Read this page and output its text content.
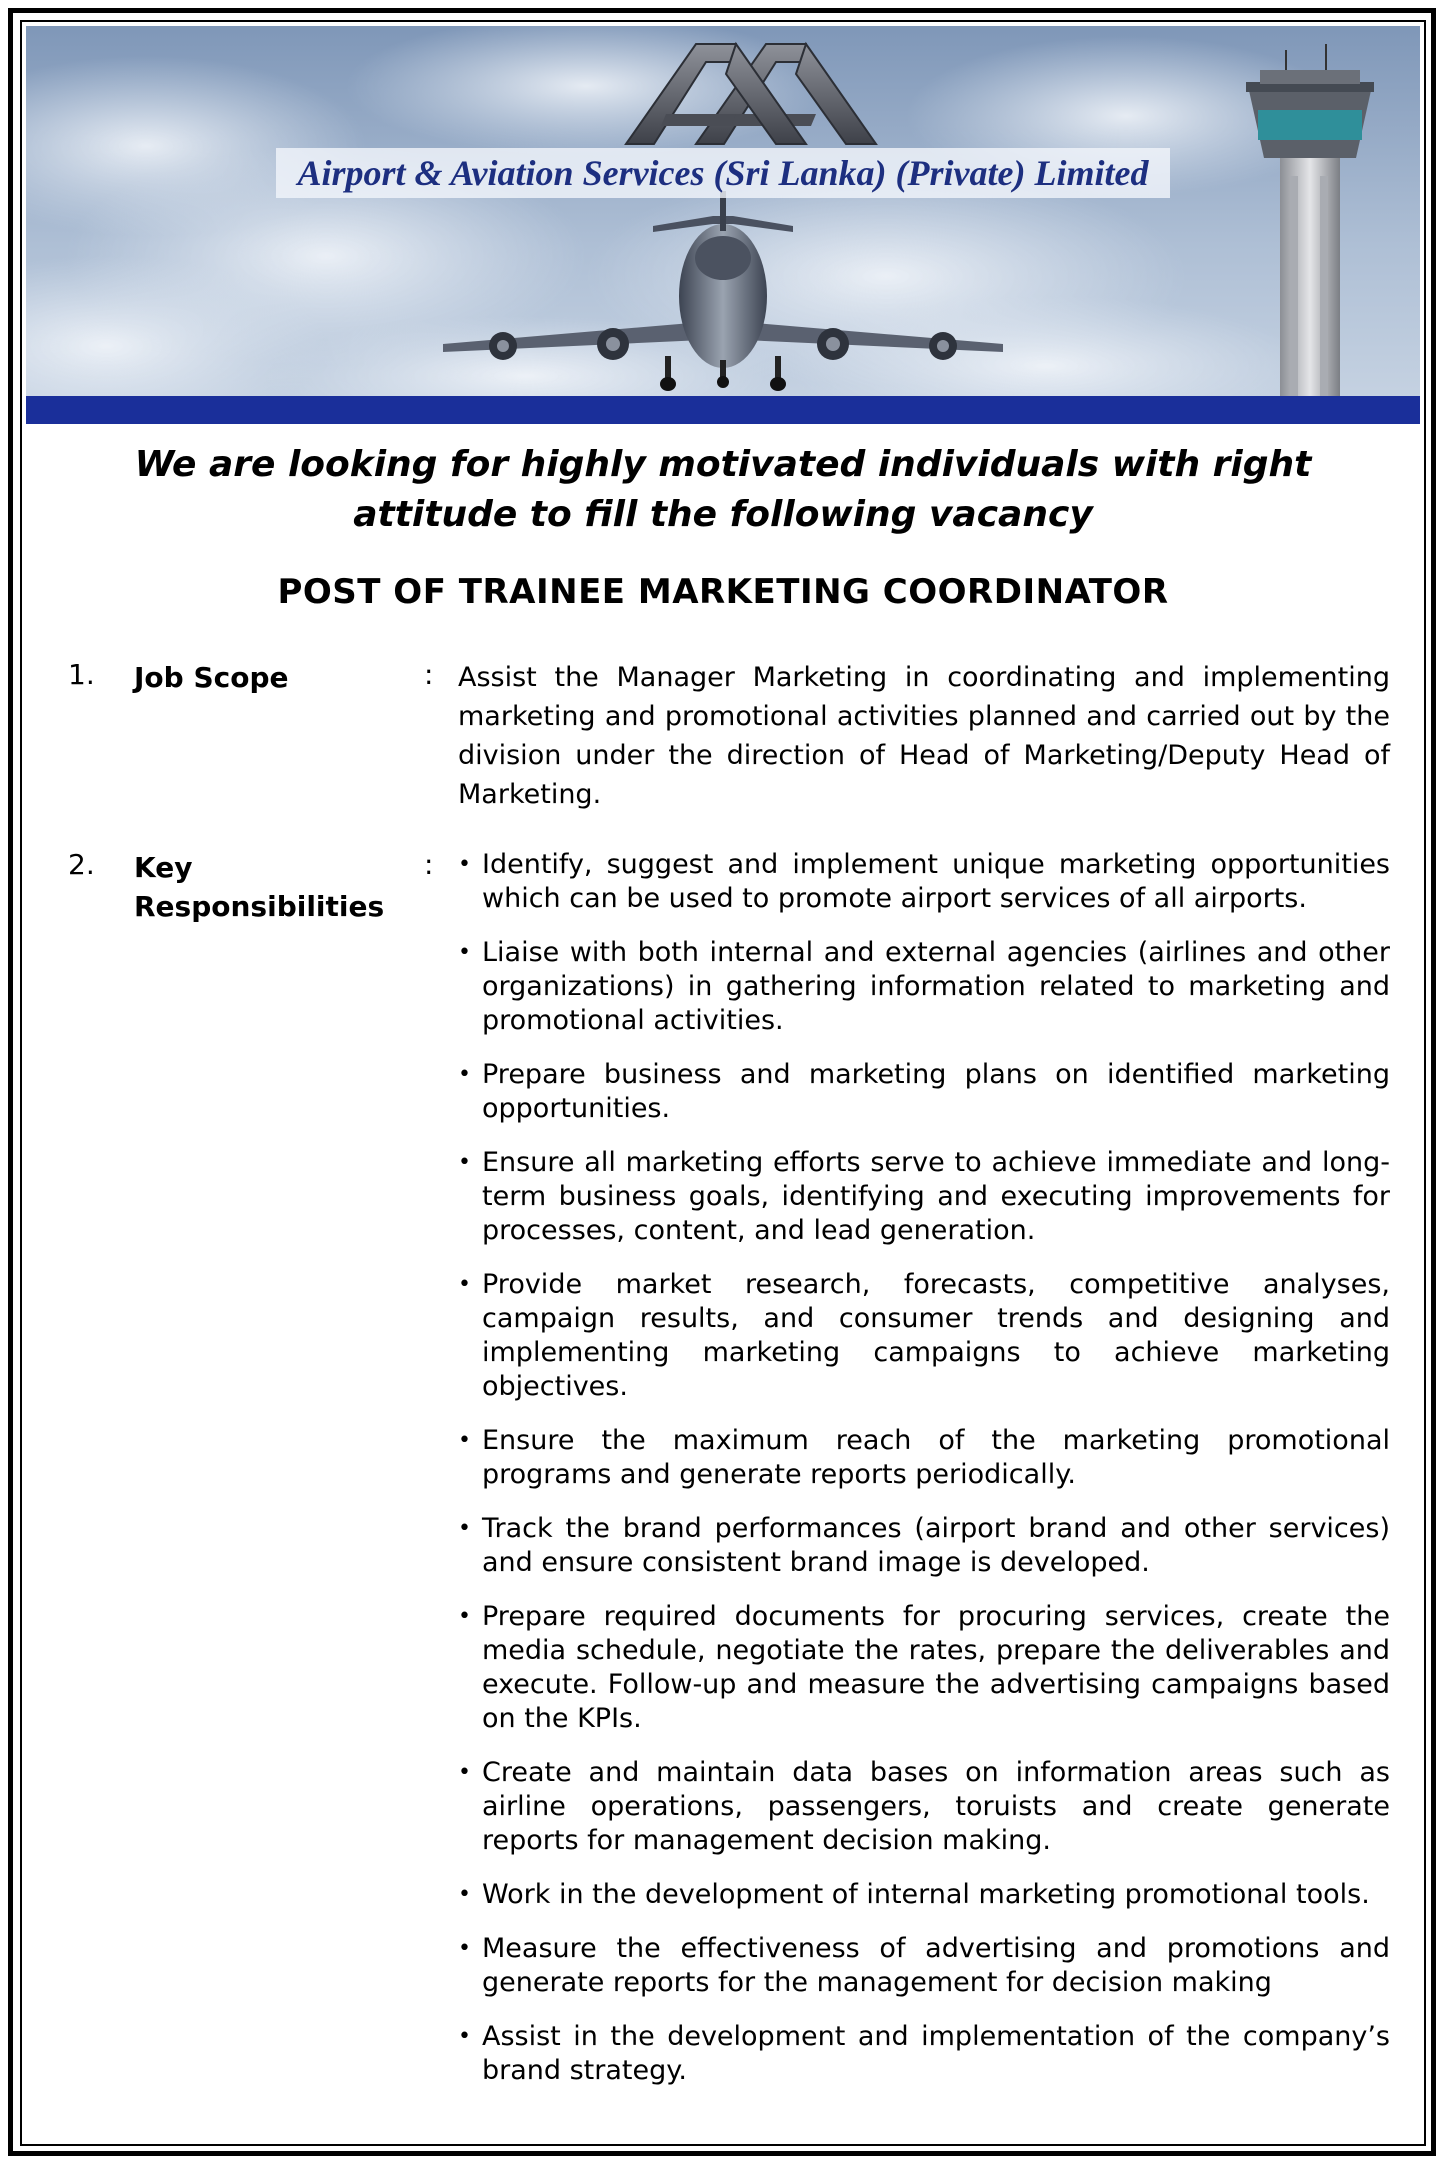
Airport & Aviation Services (Sri Lanka) (Private) Limited
We are looking for highly motivated individuals with right
attitude to fill the following vacancy
POST OF TRAINEE MARKETING COORDINATOR
1. Job Scope	: Assist the Manager Marketing in coordinating and implementing marketing and promotional activities planned and carried out by the division under the direction of Head of Marketing/Deputy Head of Marketing.
2. Key Responsibilities
: • Identify, suggest and implement unique marketing opportunities which can be used to promote airport services of all airports.
• Liaise with both internal and external agencies (airlines and other organizations) in gathering information related to marketing and promotional activities.
• Prepare business and marketing plans on identified marketing opportunities.
• Ensure all marketing efforts serve to achieve immediate and long-term business goals, identifying and executing improvements for processes, content, and lead generation.
• Provide market research, forecasts, competitive analyses, campaign results, and consumer trends and designing and implementing marketing campaigns to achieve marketing objectives.
• Ensure the maximum reach of the marketing promotional programs and generate reports periodically.
• Track the brand performances (airport brand and other services) and ensure consistent brand image is developed.
• Prepare required documents for procuring services, create the media schedule, negotiate the rates, prepare the deliverables and execute. Follow-up and measure the advertising campaigns based on the KPIs.
• Create and maintain data bases on information areas such as airline operations, passengers, toruists and create generate reports for management decision making.
• Work in the development of internal marketing promotional tools.
• Measure the effectiveness of advertising and promotions and generate reports for the management for decision making
• Assist in the development and implementation of the company’s brand strategy.
